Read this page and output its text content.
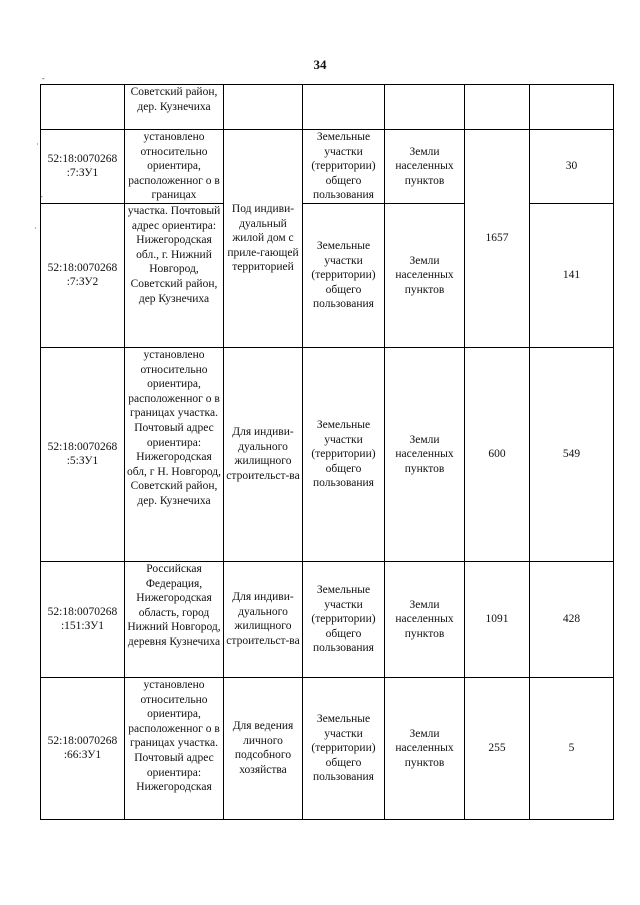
34
-
·
-
·
	Советский район, дер. Кузнечиха					
52:18:0070268 :7:ЗУ1	установлено относительно ориентира, расположенног о в границах	Под индиви-дуальный жилой дом с приле-гающей территорией	Земельные участки (территории) общего пользования	Земли населенных пунктов	1657	30
52:18:0070268 :7:ЗУ2	участка. Почтовый адрес ориентира: Нижегородская обл., г. Нижний Новгород, Советский район, дер Кузнечиха		Земельные участки (территории) общего пользования	Земли населенных пунктов		141
52:18:0070268 :5:ЗУ1	установлено относительно ориентира, расположенног о в границах участка. Почтовый адрес ориентира: Нижегородская обл, г Н. Новгород, Советский район, дер. Кузнечиха	Для индиви-дуального жилищного строительст-ва	Земельные участки (территории) общего пользования	Земли населенных пунктов	600	549
52:18:0070268 :151:ЗУ1	Российская Федерация, Нижегородская область, город Нижний Новгород, деревня Кузнечиха	Для индиви-дуального жилищного строительст-ва	Земельные участки (территории) общего пользования	Земли населенных пунктов	1091	428
52:18:0070268 :66:ЗУ1	установлено относительно ориентира, расположенног о в границах участка. Почтовый адрес ориентира: Нижегородская	Для ведения личного подсобного хозяйства	Земельные участки (территории) общего пользования	Земли населенных пунктов	255	5
